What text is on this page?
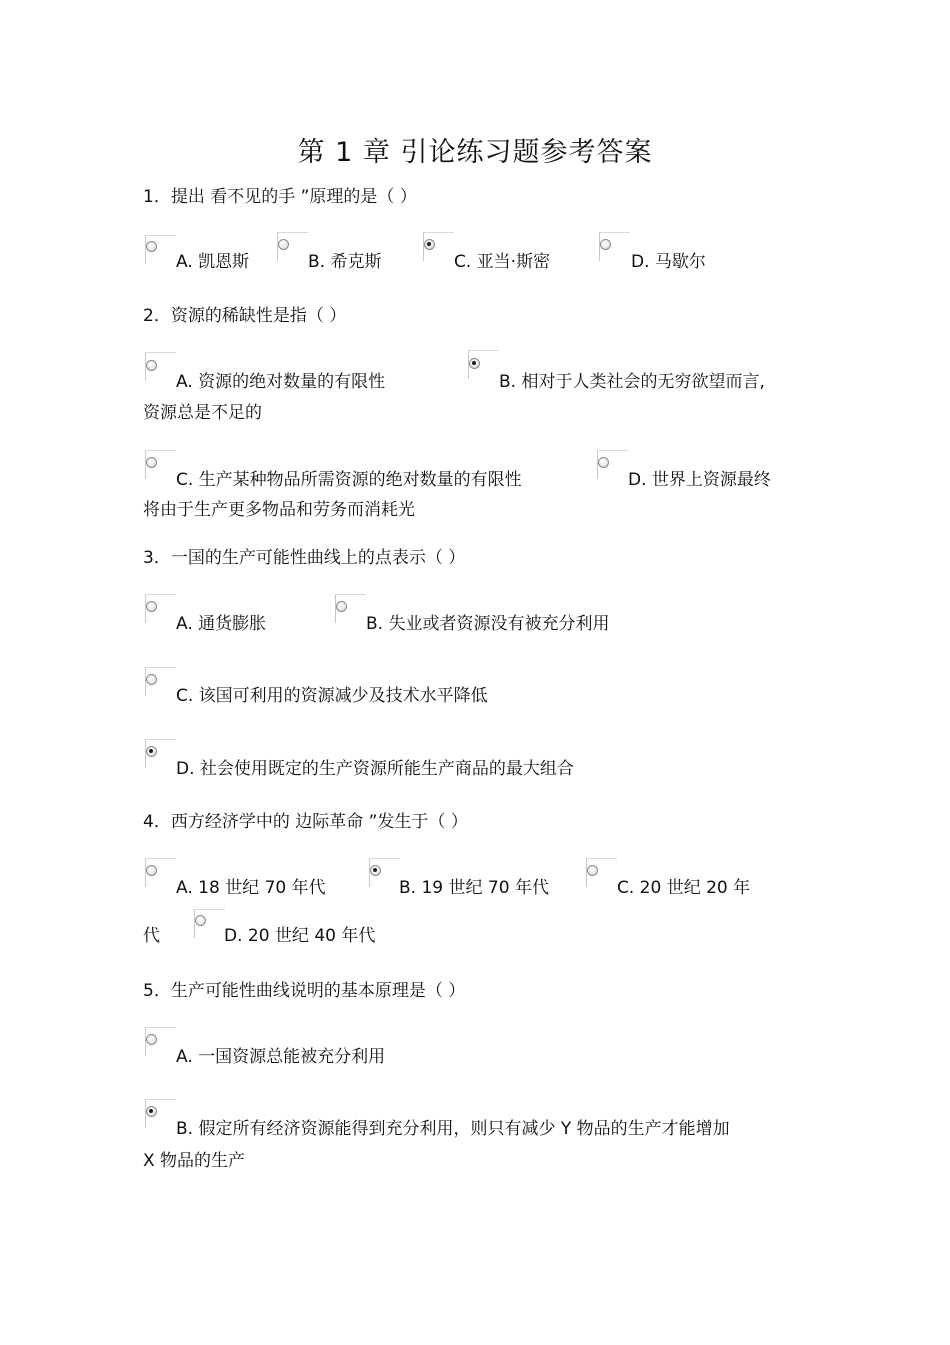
第 1 章 引论练习题参考答案
1．提出 看不见的手 ”原理的是（ ）
A. 凯恩斯	B. 希克斯	C. 亚当·斯密	D. 马歇尔
2．资源的稀缺性是指（ ）
A. 资源的绝对数量的有限性	B. 相对于人类社会的无穷欲望而言,
资源总是不足的
C. 生产某种物品所需资源的绝对数量的有限性	D. 世界上资源最终
将由于生产更多物品和劳务而消耗光
3．一国的生产可能性曲线上的点表示（ ）
A. 通货膨胀	B. 失业或者资源没有被充分利用
C. 该国可利用的资源减少及技术水平降低
D. 社会使用既定的生产资源所能生产商品的最大组合
4．西方经济学中的 边际革命 ”发生于（ ）
A. 18 世纪 70 年代	B. 19 世纪 70 年代	C. 20 世纪 20 年
代	D. 20 世纪 40 年代
5．生产可能性曲线说明的基本原理是（ ）
A. 一国资源总能被充分利用
B. 假定所有经济资源能得到充分利用，则只有减少 Y 物品的生产才能增加
X 物品的生产
